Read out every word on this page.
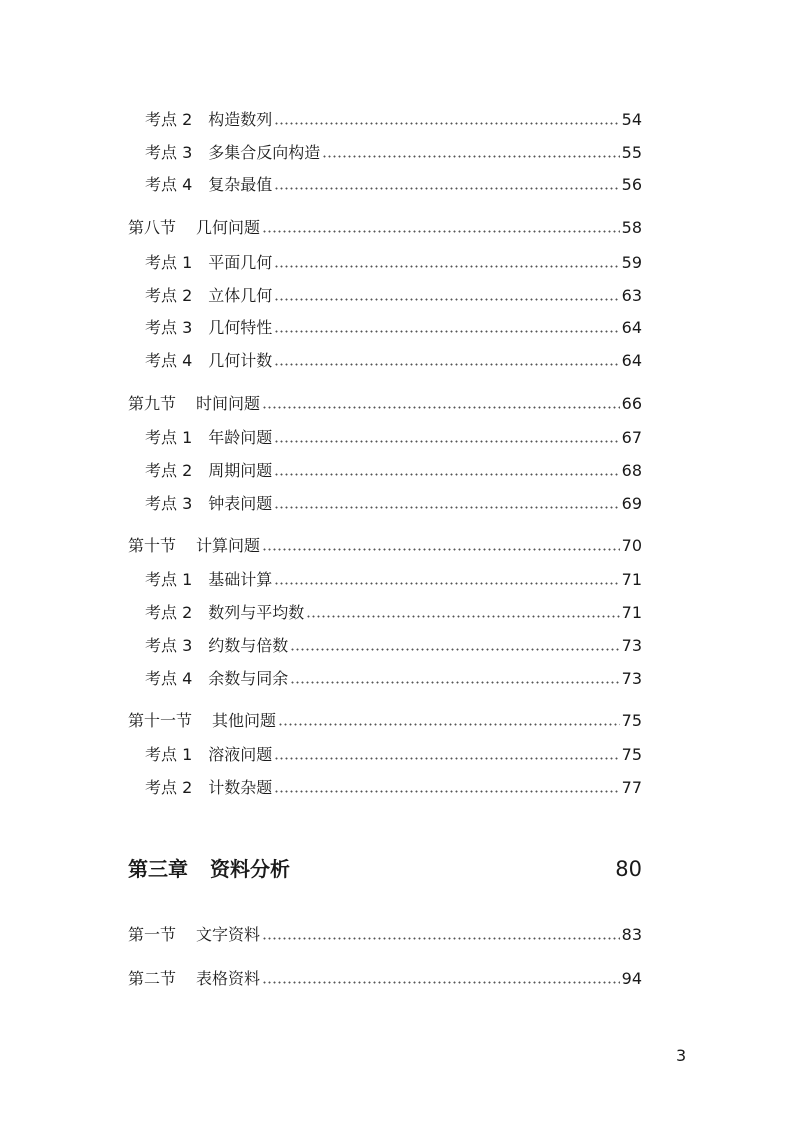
考点 2 构造数列	54
考点 3 多集合反向构造	55
考点 4 复杂最值	56
第八节 几何问题	58
考点 1 平面几何	59
考点 2 立体几何	63
考点 3 几何特性	64
考点 4 几何计数	64
第九节 时间问题	66
考点 1 年龄问题	67
考点 2 周期问题	68
考点 3 钟表问题	69
第十节 计算问题	70
考点 1 基础计算	71
考点 2 数列与平均数	71
考点 3 约数与倍数	73
考点 4 余数与同余	73
第十一节 其他问题	75
考点 1 溶液问题	75
考点 2 计数杂题	77
第三章 资料分析	80
第一节 文字资料	83
第二节 表格资料	94
3
